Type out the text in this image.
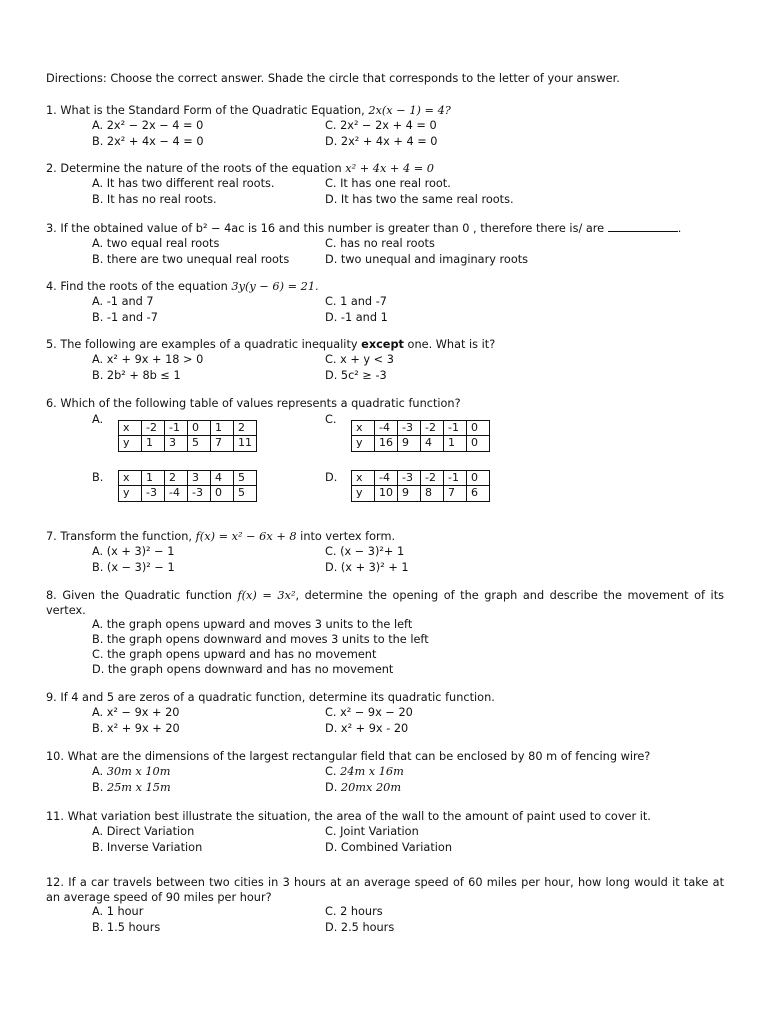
Directions: Choose the correct answer. Shade the circle that corresponds to the letter of your answer.
1. What is the Standard Form of the Quadratic Equation, 2x(x − 1) = 4?
A. 2x² − 2x − 4 = 0
B. 2x² + 4x − 4 = 0
C. 2x² − 2x + 4 = 0
D. 2x² + 4x + 4 = 0
2. Determine the nature of the roots of the equation x² + 4x + 4 = 0
A. It has two different real roots.
B. It has no real roots.
C. It has one real root.
D. It has two the same real roots.
3. If the obtained value of b² − 4ac is 16 and this number is greater than 0 , therefore there is/ are	.
A. two equal real roots
B. there are two unequal real roots
C. has no real roots
D. two unequal and imaginary roots
4. Find the roots of the equation 3y(y − 6) = 21.
A. -1 and 7
B. -1 and -7
C. 1 and -7
D. -1 and 1
5. The following are examples of a quadratic inequality except one. What is it?
A. x² + 9x + 18 > 0
B. 2b² + 8b ≤ 1
C. x + y < 3
D. 5c² ≥ -3
6. Which of the following table of values represents a quadratic function?
A.	C.
B.	D.
x	-2	-1	0	1	2
y	1	3	5	7	11
x	-4	-3	-2	-1	0
y	16	9	4	1	0
x	1	2	3	4	5
y	-3	-4	-3	0	5
x	-4	-3	-2	-1	0
y	10	9	8	7	6
7. Transform the function, f(x) = x² − 6x + 8 into vertex form.
A. (x + 3)² − 1
B. (x − 3)² − 1
C. (x − 3)²+ 1
D. (x + 3)² + 1
8. Given the Quadratic function f(x) = 3x², determine the opening of the graph and describe the movement of its vertex.
A. the graph opens upward and moves 3 units to the left
B. the graph opens downward and moves 3 units to the left
C. the graph opens upward and has no movement
D. the graph opens downward and has no movement
9. If 4 and 5 are zeros of a quadratic function, determine its quadratic function.
A. x² − 9x + 20
B. x² + 9x + 20
C. x² − 9x − 20
D. x² + 9x - 20
10. What are the dimensions of the largest rectangular field that can be enclosed by 80 m of fencing wire?
A. 30m x 10m
B. 25m x 15m
C. 24m x 16m
D. 20mx 20m
11. What variation best illustrate the situation, the area of the wall to the amount of paint used to cover it.
A. Direct Variation
B. Inverse Variation
C. Joint Variation
D. Combined Variation
12. If a car travels between two cities in 3 hours at an average speed of 60 miles per hour, how long would it take at an average speed of 90 miles per hour?
A. 1 hour
B. 1.5 hours
C. 2 hours
D. 2.5 hours
